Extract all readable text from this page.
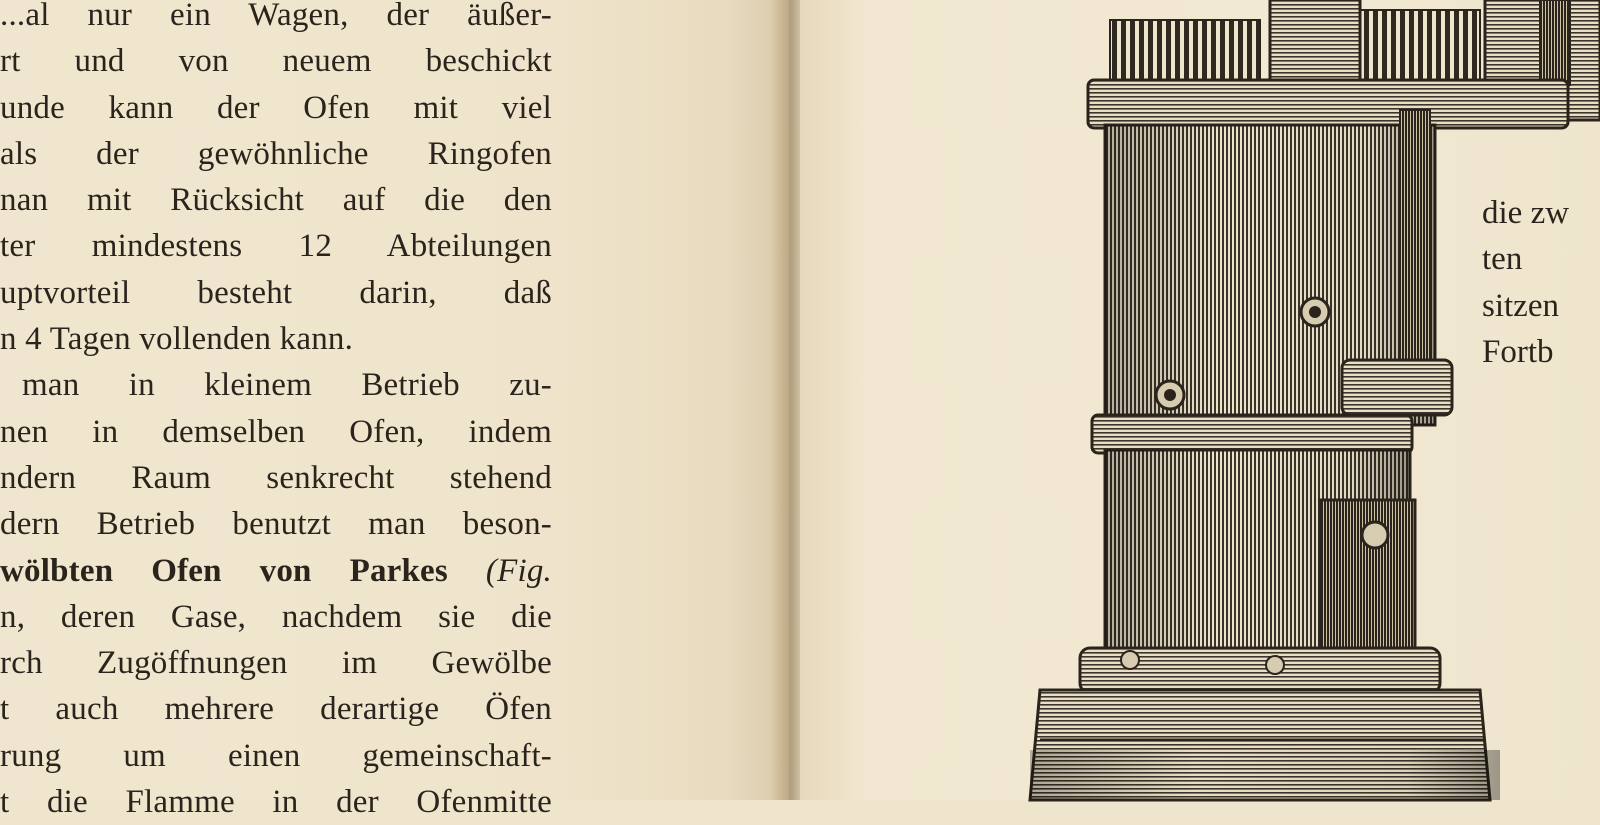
...al nur ein Wagen, der äußer-
rt und von neuem beschickt
unde kann der Ofen mit viel
als der gewöhnliche Ringofen
nan mit Rücksicht auf die den
ter mindestens 12 Abteilungen
uptvorteil besteht darin, daß
n 4 Tagen vollenden kann.
man in kleinem Betrieb zu-
nen in demselben Ofen, indem
ndern Raum senkrecht stehend
dern Betrieb benutzt man beson-
wölbten Ofen von Parkes (Fig.
n, deren Gase, nachdem sie die
rch Zugöffnungen im Gewölbe
t auch mehrere derartige Öfen
rung um einen gemeinschaft-
t die Flamme in der Ofenmitte
die zw
ten
sitzen
Fortb
